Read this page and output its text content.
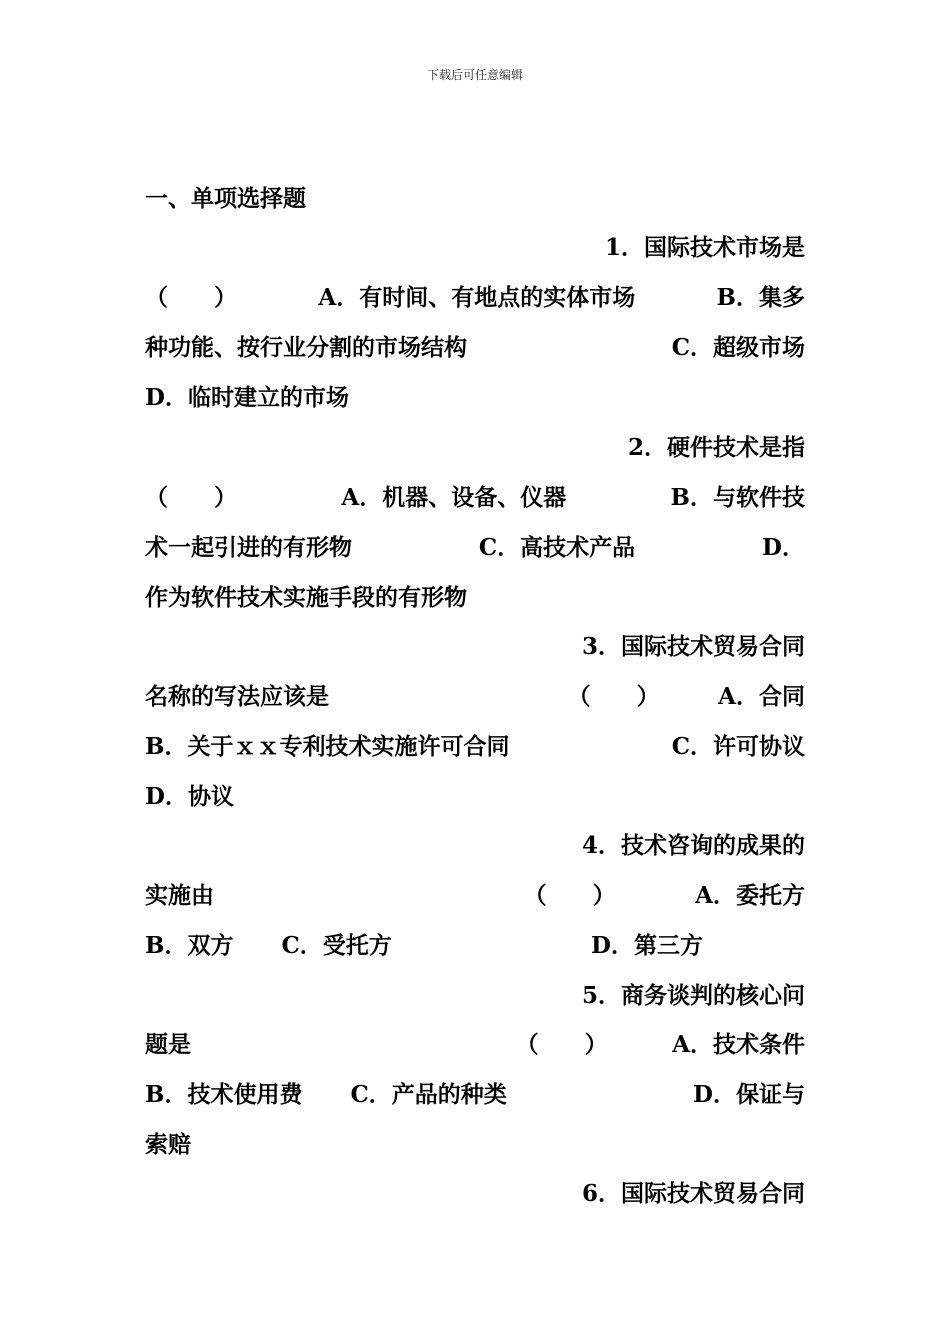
下载后可任意编辑
一、单项选择题
1．国际技术市场是
（　　）	A．有时间、有地点的实体市场	B．集多
种功能、按行业分割的市场结构	C．超级市场
D．临时建立的市场
2．硬件技术是指
（　　）	A．机器、设备、仪器	B．与软件技
术一起引进的有形物	C．高技术产品	D．
作为软件技术实施手段的有形物
3．国际技术贸易合同
名称的写法应该是	（　　）	A．合同
B．关于ｘｘ专利技术实施许可合同	C．许可协议
D．协议
4．技术咨询的成果的
实施由	（　　）	A．委托方
B．双方 C．受托方	D．第三方
5．商务谈判的核心问
题是	（　　）	A．技术条件
B．技术使用费 C．产品的种类	D．保证与
索赔
6．国际技术贸易合同
